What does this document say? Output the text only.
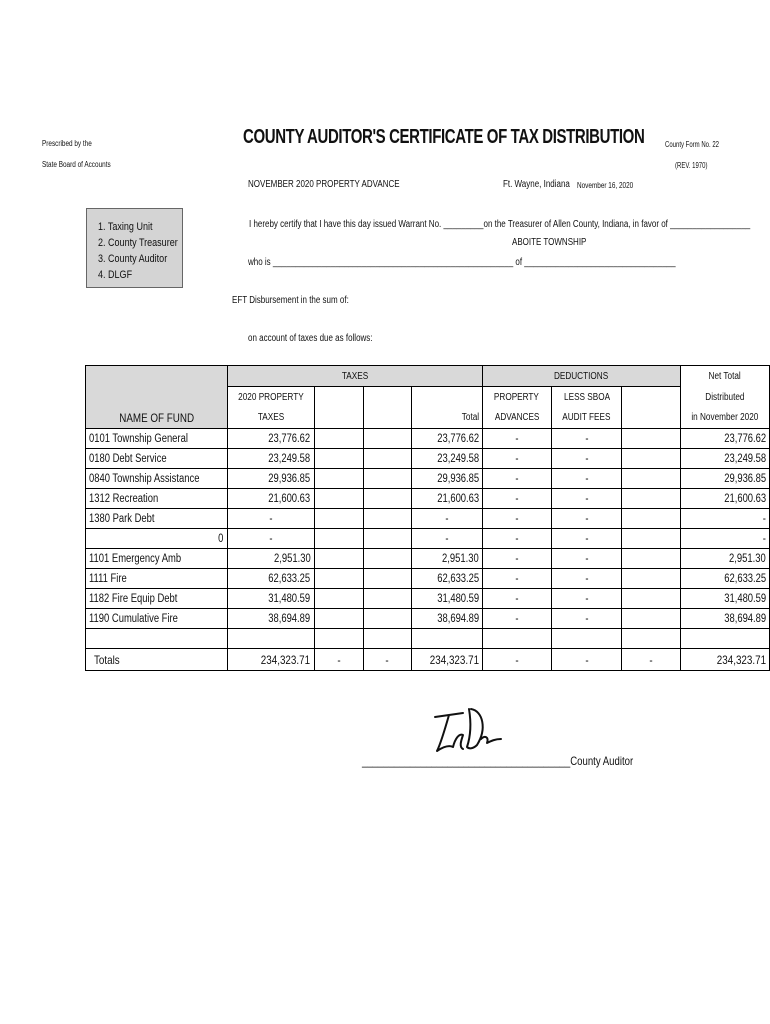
Prescribed by the
State Board of Accounts
COUNTY AUDITOR'S CERTIFICATE OF TAX DISTRIBUTION	County Form No. 22
(REV. 1970)
NOVEMBER 2020 PROPERTY ADVANCE	Ft. Wayne, Indiana November 16, 2020
1. Taxing Unit
2. County Treasurer
3. County Auditor
4. DLGF
I hereby certify that I have this day issued Warrant No. _________on the Treasurer of Allen County, Indiana, in favor of __________________
ABOITE TOWNSHIP
who is ______________________________________________________ of __________________________________
EFT Disbursement in the sum of:
on account of taxes due as follows:
	TAXES				DEDUCTIONS			Net Total
	2020 PROPERTY				PROPERTY	LESS SBOA		Distributed
NAME OF FUND	TAXES			Total	ADVANCES	AUDIT FEES		in November 2020
0101 Township General	23,776.62			23,776.62	-	-		23,776.62
0180 Debt Service	23,249.58			23,249.58	-	-		23,249.58
0840 Township Assistance	29,936.85			29,936.85	-	-		29,936.85
1312 Recreation	21,600.63			21,600.63	-	-		21,600.63
1380 Park Debt	-			-	-	-		-
0	-			-	-	-		-
1101 Emergency Amb	2,951.30			2,951.30	-	-		2,951.30
1111 Fire	62,633.25			62,633.25	-	-		62,633.25
1182 Fire Equip Debt	31,480.59			31,480.59	-	-		31,480.59
1190 Cumulative Fire	38,694.89			38,694.89	-	-		38,694.89

Totals	234,323.71	-	-	234,323.71	-	-	-	234,323.71
_______________________________________County Auditor
